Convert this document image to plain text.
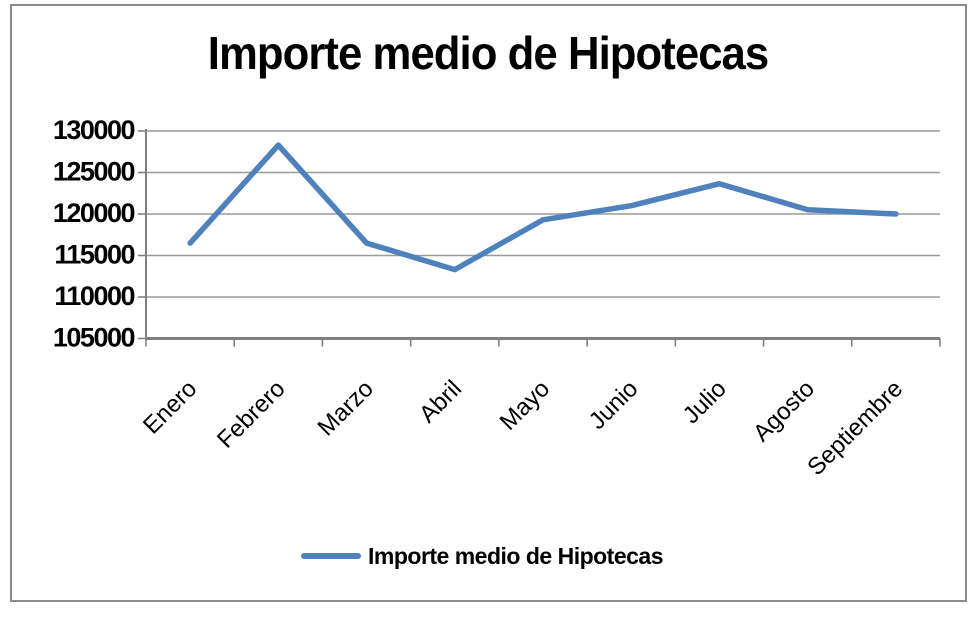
Importe medio de Hipotecas
105000
110000
115000
120000
125000
130000
Enero Febrero Marzo Abril Mayo Junio Julio Agosto
Septiembre
Importe medio de Hipotecas
